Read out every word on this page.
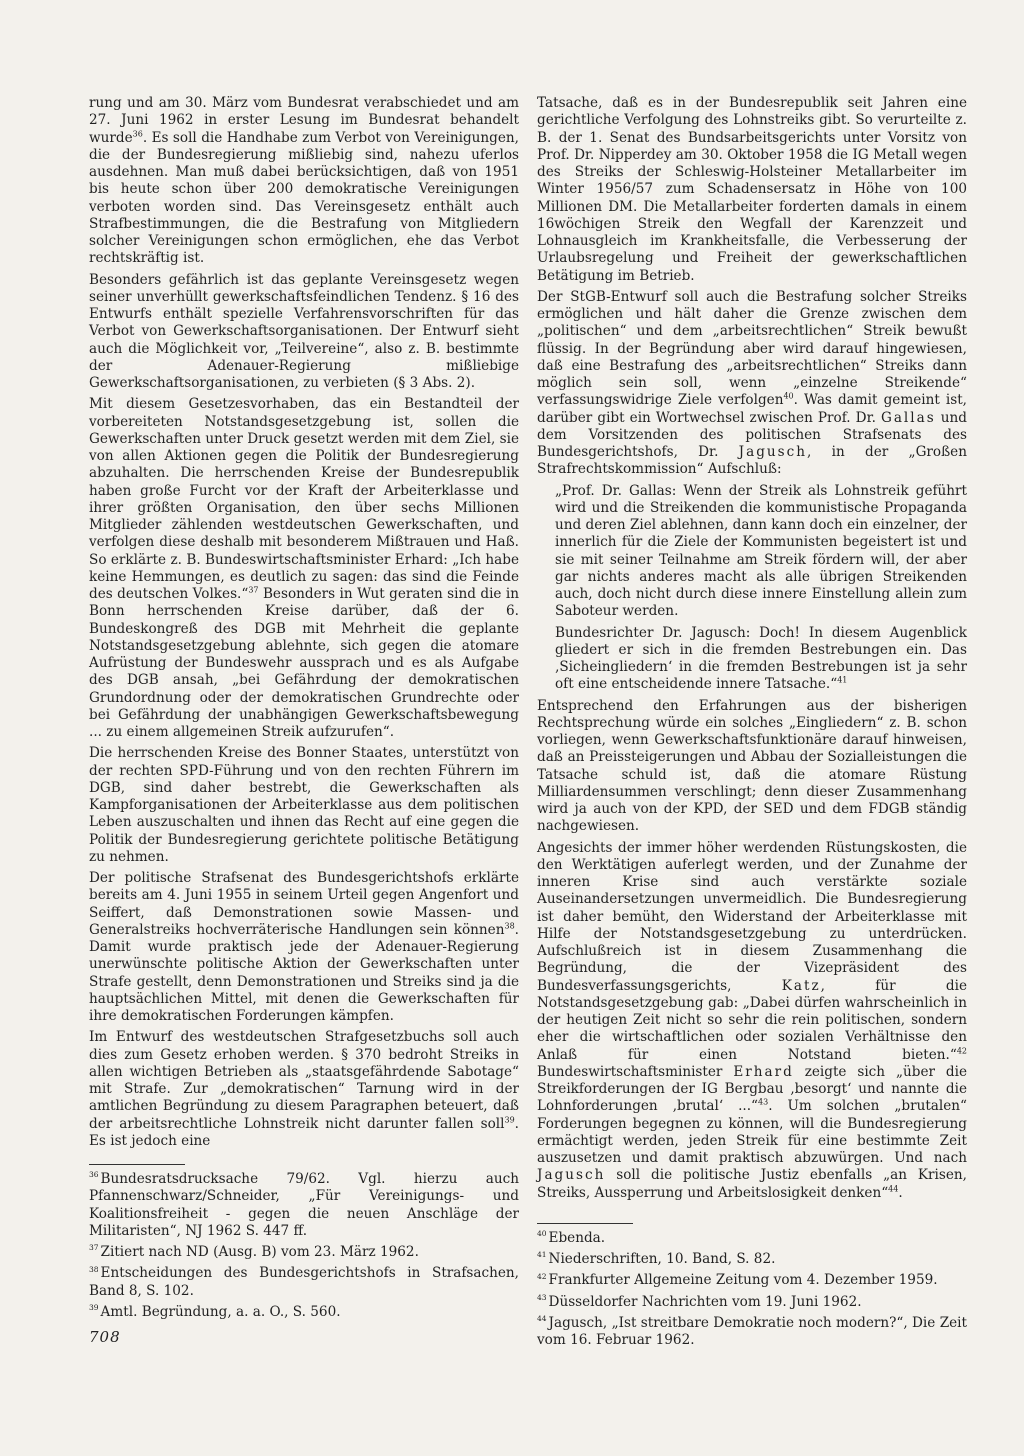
rung und am 30. März vom Bundesrat verabschiedet und am 27. Juni 1962 in erster Lesung im Bundesrat behandelt wurde$^{36}$. Es soll die Handhabe zum Verbot von Vereinigungen, die der Bundesregierung mißliebig sind, nahezu uferlos ausdehnen. Man muß dabei berücksichtigen, daß von 1951 bis heute schon über 200 demokratische Vereinigungen verboten worden sind. Das Vereinsgesetz enthält auch Strafbestimmungen, die die Bestrafung von Mitgliedern solcher Vereinigungen schon ermöglichen, ehe das Verbot rechtskräftig ist.

Besonders gefährlich ist das geplante Vereinsgesetz wegen seiner unverhüllt gewerkschaftsfeindlichen Tendenz. § 16 des Entwurfs enthält spezielle Verfahrensvorschriften für das Verbot von Gewerkschaftsorganisationen. Der Entwurf sieht auch die Möglichkeit vor, „Teilvereine“, also z. B. bestimmte der Adenauer-Regierung mißliebige Gewerkschaftsorganisationen, zu verbieten (§ 3 Abs. 2).

Mit diesem Gesetzesvorhaben, das ein Bestandteil der vorbereiteten Notstandsgesetzgebung ist, sollen die Gewerkschaften unter Druck gesetzt werden mit dem Ziel, sie von allen Aktionen gegen die Politik der Bundesregierung abzuhalten. Die herrschenden Kreise der Bundesrepublik haben große Furcht vor der Kraft der Arbeiterklasse und ihrer größten Organisation, den über sechs Millionen Mitglieder zählenden westdeutschen Gewerkschaften, und verfolgen diese deshalb mit besonderem Mißtrauen und Haß. So erklärte z. B. Bundeswirtschaftsminister Erhard: „Ich habe keine Hemmungen, es deutlich zu sagen: das sind die Feinde des deutschen Volkes.“$^{37}$ Besonders in Wut geraten sind die in Bonn herrschenden Kreise darüber, daß der 6. Bundeskongreß des DGB mit Mehrheit die geplante Notstandsgesetzgebung ablehnte, sich gegen die atomare Aufrüstung der Bundeswehr aussprach und es als Aufgabe des DGB ansah, „bei Gefährdung der demokratischen Grundordnung oder der demokratischen Grundrechte oder bei Gefährdung der unabhängigen Gewerkschaftsbewegung ... zu einem allgemeinen Streik aufzurufen“.

Die herrschenden Kreise des Bonner Staates, unterstützt von der rechten SPD-Führung und von den rechten Führern im DGB, sind daher bestrebt, die Gewerkschaften als Kampforganisationen der Arbeiterklasse aus dem politischen Leben auszuschalten und ihnen das Recht auf eine gegen die Politik der Bundesregierung gerichtete politische Betätigung zu nehmen.

Der politische Strafsenat des Bundesgerichtshofs erklärte bereits am 4. Juni 1955 in seinem Urteil gegen Angenfort und Seiffert, daß Demonstrationen sowie Massen- und Generalstreiks hochverräterische Handlungen sein können$^{38}$. Damit wurde praktisch jede der Adenauer-Regierung unerwünschte politische Aktion der Gewerkschaften unter Strafe gestellt, denn Demonstrationen und Streiks sind ja die hauptsächlichen Mittel, mit denen die Gewerkschaften für ihre demokratischen Forderungen kämpfen.

Im Entwurf des westdeutschen Strafgesetzbuchs soll auch dies zum Gesetz erhoben werden. § 370 bedroht Streiks in allen wichtigen Betrieben als „staatsgefährdende Sabotage“ mit Strafe. Zur „demokratischen“ Tarnung wird in der amtlichen Begründung zu diesem Paragraphen beteuert, daß der arbeitsrechtliche Lohnstreik nicht darunter fallen soll$^{39}$. Es ist jedoch eine

$^{36}$ Bundesratsdrucksache 79/62. Vgl. hierzu auch Pfannenschwarz/Schneider, „Für Vereinigungs- und Koalitionsfreiheit - gegen die neuen Anschläge der Militaristen“, NJ 1962 S. 447 ff.

$^{37}$ Zitiert nach ND (Ausg. B) vom 23. März 1962.

$^{38}$ Entscheidungen des Bundesgerichtshofs in Strafsachen, Band 8, S. 102.

$^{39}$ Amtl. Begründung, a. a. O., S. 560.

Tatsache, daß es in der Bundesrepublik seit Jahren eine gerichtliche Verfolgung des Lohnstreiks gibt. So verurteilte z. B. der 1. Senat des Bundsarbeitsgerichts unter Vorsitz von Prof. Dr. Nipperdey am 30. Oktober 1958 die IG Metall wegen des Streiks der Schleswig-Holsteiner Metallarbeiter im Winter 1956/57 zum Schadensersatz in Höhe von 100 Millionen DM. Die Metallarbeiter forderten damals in einem 16wöchigen Streik den Wegfall der Karenzzeit und Lohnausgleich im Krankheitsfalle, die Verbesserung der Urlaubsregelung und Freiheit der gewerkschaftlichen Betätigung im Betrieb.

Der StGB-Entwurf soll auch die Bestrafung solcher Streiks ermöglichen und hält daher die Grenze zwischen dem „politischen“ und dem „arbeitsrechtlichen“ Streik bewußt flüssig. In der Begründung aber wird darauf hingewiesen, daß eine Bestrafung des „arbeitsrechtlichen“ Streiks dann möglich sein soll, wenn „einzelne Streikende“ verfassungswidrige Ziele verfolgen$^{40}$. Was damit gemeint ist, darüber gibt ein Wortwechsel zwischen Prof. Dr. Gallas und dem Vorsitzenden des politischen Strafsenats des Bundesgerichtshofs, Dr. Jagusch, in der „Großen Strafrechtskommission“ Aufschluß:

„Prof. Dr. Gallas: Wenn der Streik als Lohnstreik geführt wird und die Streikenden die kommunistische Propaganda und deren Ziel ablehnen, dann kann doch ein einzelner, der innerlich für die Ziele der Kommunisten begeistert ist und sie mit seiner Teilnahme am Streik fördern will, der aber gar nichts anderes macht als alle übrigen Streikenden auch, doch nicht durch diese innere Einstellung allein zum Saboteur werden.

Bundesrichter Dr. Jagusch: Doch! In diesem Augenblick gliedert er sich in die fremden Bestrebungen ein. Das ‚Sicheingliedern‘ in die fremden Bestrebungen ist ja sehr oft eine entscheidende innere Tatsache.“$^{41}$

Entsprechend den Erfahrungen aus der bisherigen Rechtsprechung würde ein solches „Eingliedern“ z. B. schon vorliegen, wenn Gewerkschaftsfunktionäre darauf hinweisen, daß an Preissteigerungen und Abbau der Sozialleistungen die Tatsache schuld ist, daß die atomare Rüstung Milliardensummen verschlingt; denn dieser Zusammenhang wird ja auch von der KPD, der SED und dem FDGB ständig nachgewiesen.

Angesichts der immer höher werdenden Rüstungskosten, die den Werktätigen auferlegt werden, und der Zunahme der inneren Krise sind auch verstärkte soziale Auseinandersetzungen unvermeidlich. Die Bundesregierung ist daher bemüht, den Widerstand der Arbeiterklasse mit Hilfe der Notstandsgesetzgebung zu unterdrücken. Aufschlußreich ist in diesem Zusammenhang die Begründung, die der Vizepräsident des Bundesverfassungsgerichts, Katz, für die Notstandsgesetzgebung gab: „Dabei dürfen wahrscheinlich in der heutigen Zeit nicht so sehr die rein politischen, sondern eher die wirtschaftlichen oder sozialen Verhältnisse den Anlaß für einen Notstand bieten.“$^{42}$ Bundeswirtschaftsminister Erhard zeigte sich „über die Streikforderungen der IG Bergbau ‚besorgt‘ und nannte die Lohnforderungen ‚brutal‘ ...“$^{43}$. Um solchen „brutalen“ Forderungen begegnen zu können, will die Bundesregierung ermächtigt werden, jeden Streik für eine bestimmte Zeit auszusetzen und damit praktisch abzuwürgen. Und nach Jagusch soll die politische Justiz ebenfalls „an Krisen, Streiks, Aussperrung und Arbeitslosigkeit denken“$^{44}$.

$^{40}$ Ebenda.

$^{41}$ Niederschriften, 10. Band, S. 82.

$^{42}$ Frankfurter Allgemeine Zeitung vom 4. Dezember 1959.

$^{43}$ Düsseldorfer Nachrichten vom 19. Juni 1962.

$^{44}$ Jagusch, „Ist streitbare Demokratie noch modern?“, Die Zeit vom 16. Februar 1962.

708
